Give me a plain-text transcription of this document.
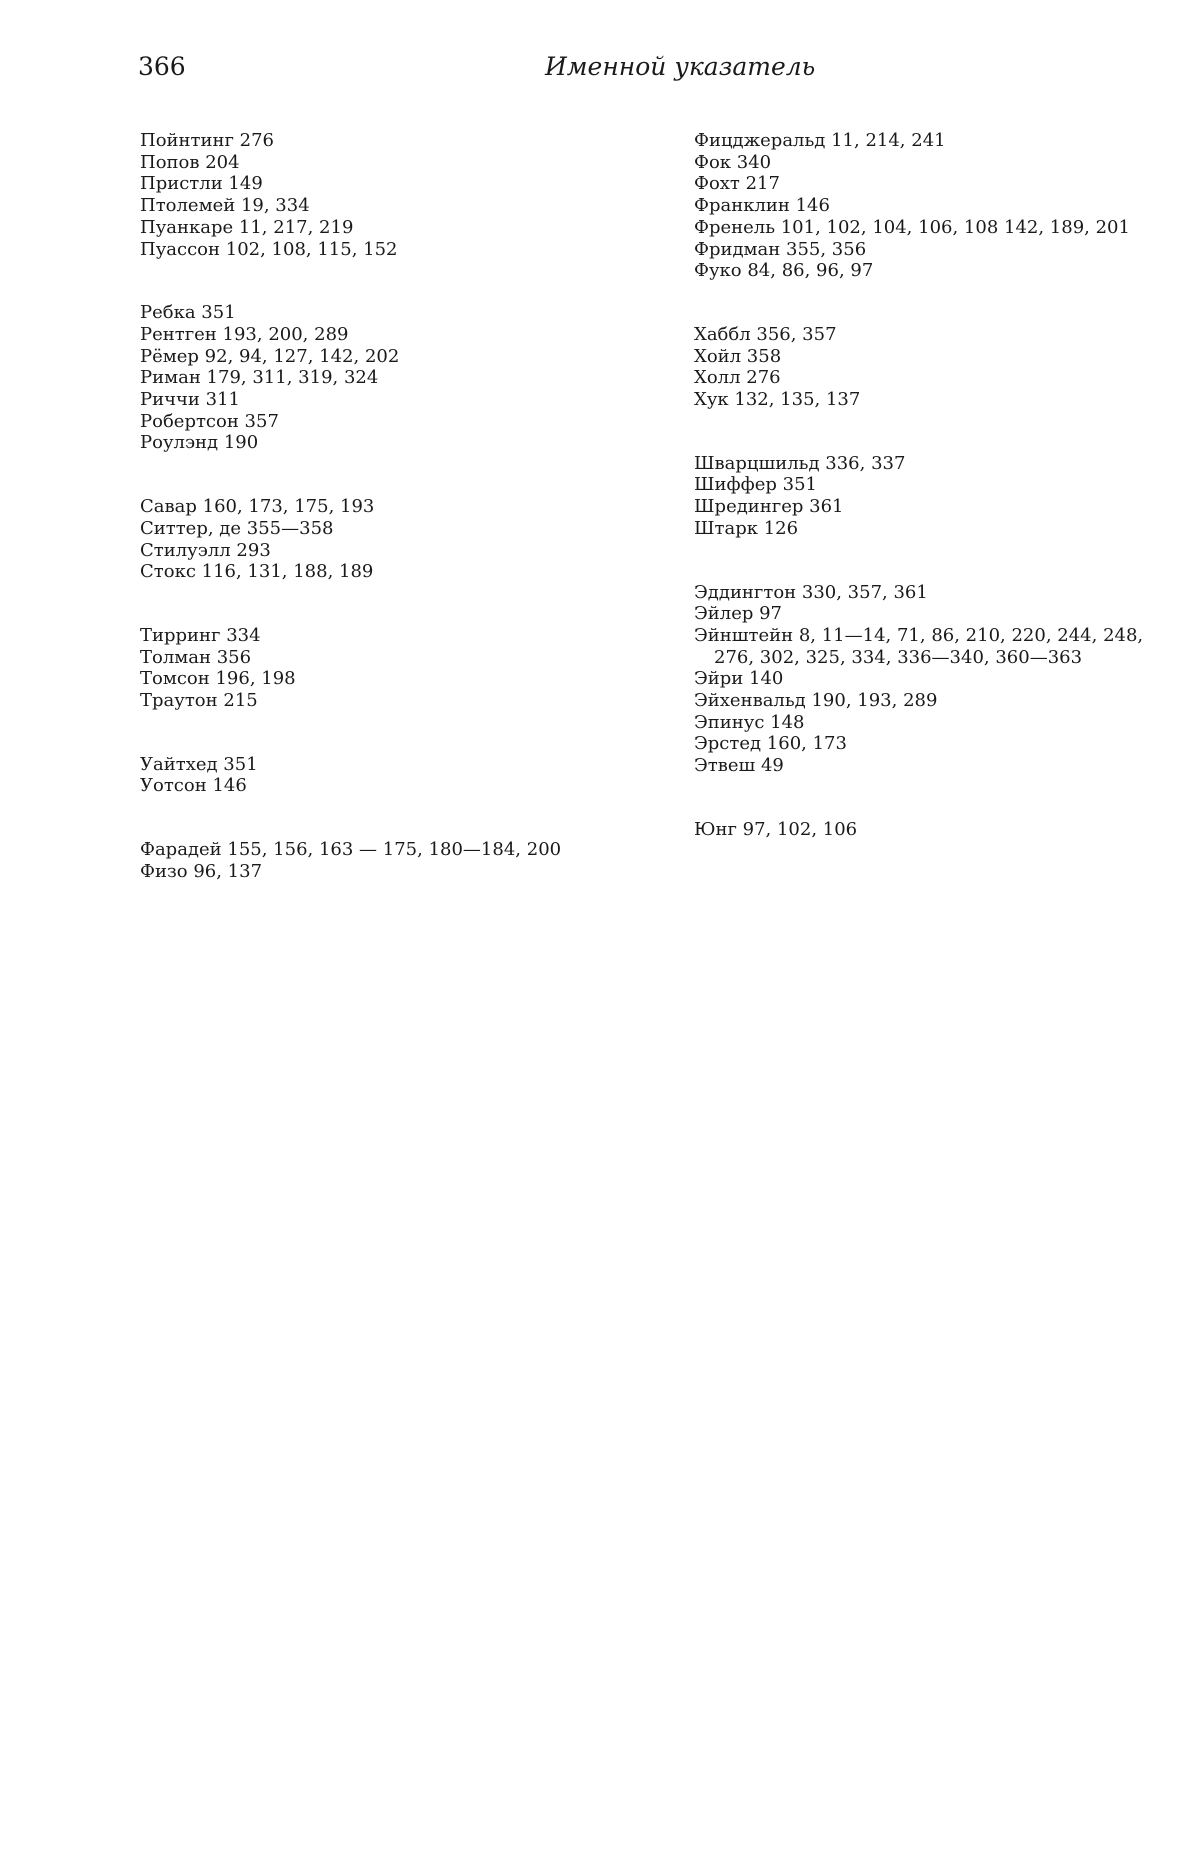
366	Именной указатель
Пойнтинг 276
Попов 204
Пристли 149
Птолемей 19, 334
Пуанкаре 11, 217, 219
Пуассон 102, 108, 115, 152
Ребка 351
Рентген 193, 200, 289
Рёмер 92, 94, 127, 142, 202
Риман 179, 311, 319, 324
Риччи 311
Робертсон 357
Роулэнд 190
Савар 160, 173, 175, 193
Ситтер, де 355—358
Стилуэлл 293
Стокс 116, 131, 188, 189
Тирринг 334
Толман 356
Томсон 196, 198
Траутон 215
Уайтхед 351
Уотсон 146
Фарадей 155, 156, 163 — 175, 180—184, 200
Физо 96, 137
Фицджеральд 11, 214, 241
Фок 340
Фохт 217
Франклин 146
Френель 101, 102, 104, 106, 108 142, 189, 201
Фридман 355, 356
Фуко 84, 86, 96, 97
Хаббл 356, 357
Хойл 358
Холл 276
Хук 132, 135, 137
Шварцшильд 336, 337
Шиффер 351
Шредингер 361
Штарк 126
Эддингтон 330, 357, 361
Эйлер 97
Эйнштейн 8, 11—14, 71, 86, 210, 220, 244, 248, 276, 302, 325, 334, 336—340, 360—363
Эйри 140
Эйхенвальд 190, 193, 289
Эпинус 148
Эрстед 160, 173
Этвеш 49
Юнг 97, 102, 106
